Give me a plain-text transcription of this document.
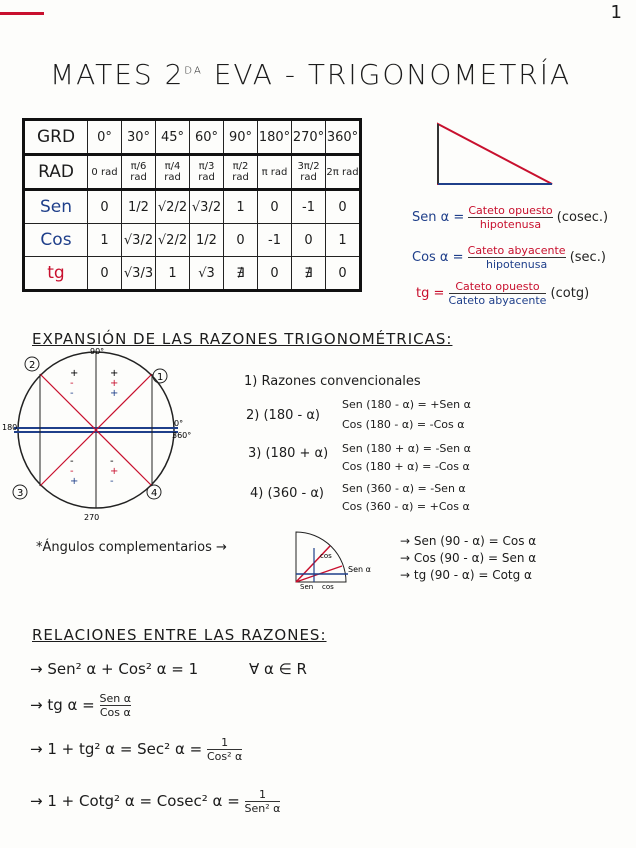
1
MATES $2^{DA}$ EVA - TRIGONOMETRÍA
GRD	0°	30°	45°	60°	90°	180°	270°	360°
RAD	0 rad	π/6 rad	π/4 rad	π/3 rad	π/2 rad	π rad	3π/2 rad	2π rad
Sen	0	1/2	√2/2	√3/2	1	0	-1	0
Cos	1	√3/2	√2/2	1/2	0	-1	0	1
tg	0	√3/3	1	√3	∄	0	∄	0
Sen $\alpha = \frac{\text{Cateto opuesto}}{\text{hipotenusa}} (cosec.)$
Cos $\alpha = \frac{\text{Cateto abyacente}}{\text{hipotenusa}} (\sec.)$
tg = $\frac{\text{Cateto opuesto}}{\text{Cateto abyacente}} (\cot g)$
EXPANSIÓN DE LAS RAZONES TRIGONOMÉTRICAS:
90°
180	0°
360°
270
2
1
3	4
+
+
+
+
-
-
-
-
+
-
+
-
1) Razones convencionales
2) (180 - α)
Sen (180 - α) = +Sen α
Cos (180 - α) = -Cos α
3) (180 + α) Sen (180 + α) = -Sen α
Cos (180 + α) = -Cos α
4) (360 - α) Sen (360 - α) = -Sen α
Cos (360 - α) = +Cos α
*Ángulos complementarios →
cos
Sen cos
Sen α
→ Sen (90 - α) = Cos α
→ Cos (90 - α) = Sen α
→ tg (90 - α) = Cotg α
RELACIONES ENTRE LAS RAZONES:
→ Sen² α + Cos² α = 1	∀ α ∈ R
→ tg $\alpha = \frac{\text{Sen α}}{\text{Cos α}}$
→ 1 + tg² α = Sec² $\alpha = \frac{1}{\text{Cos² α}}$
→ 1 + Cotg² α = Cosec² $\alpha = \frac{1}{\text{Sen² α}}$
